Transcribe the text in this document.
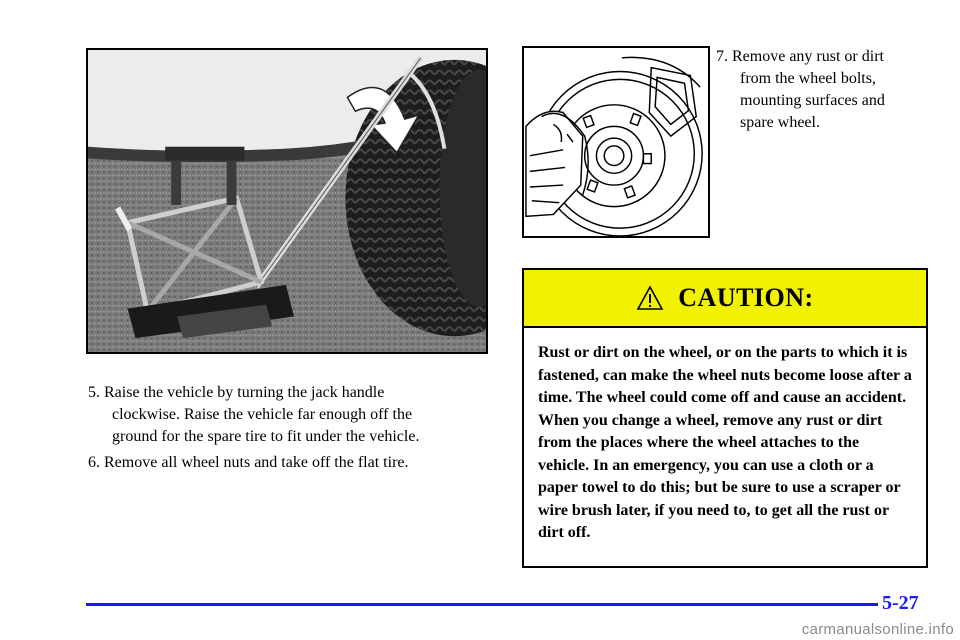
5. Raise the vehicle by turning the jack handle
clockwise. Raise the vehicle far enough off the
ground for the spare tire to fit under the vehicle.
6. Remove all wheel nuts and take off the flat tire.
7. Remove any rust or dirt
from the wheel bolts,
mounting surfaces and
spare wheel.
CAUTION:
Rust or dirt on the wheel, or on the parts to which it is fastened, can make the wheel nuts become loose after a time. The wheel could come off and cause an accident. When you change a wheel, remove any rust or dirt from the places where the wheel attaches to the vehicle. In an emergency, you can use a cloth or a paper towel to do this; but be sure to use a scraper or wire brush later, if you need to, to get all the rust or dirt off.
5-27
carmanualsonline.info
